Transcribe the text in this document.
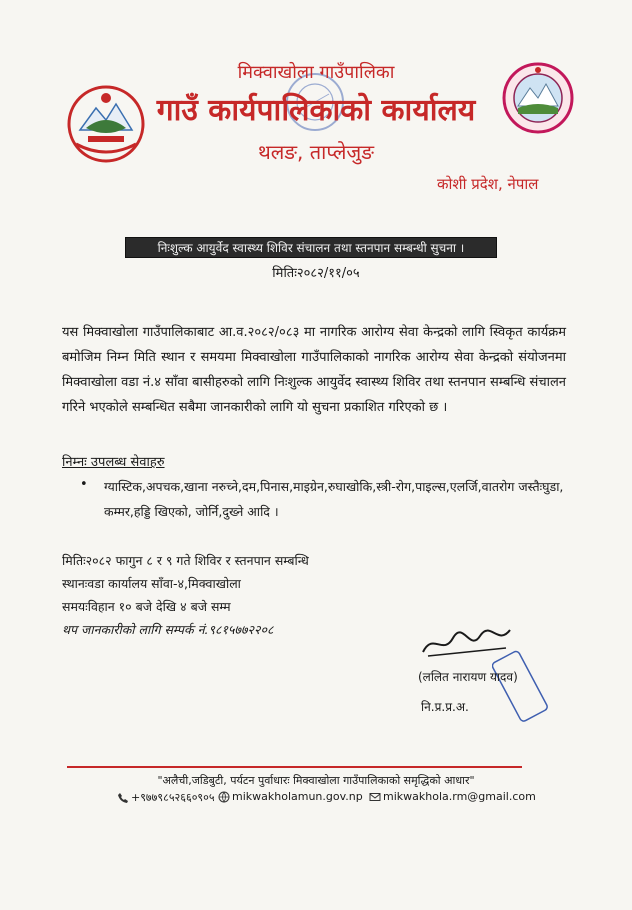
मिक्वाखोला गाउँपालिका
गाउँ कार्यपालिकाको कार्यालय
थलङ, ताप्लेजुङ
कोशी प्रदेश, नेपाल
निःशुल्क आयुर्वेद स्वास्थ्य शिविर संचालन तथा स्तनपान सम्बन्धी सुचना ।
मितिः२०८२/११/०५
यस मिक्वाखोला गाउँपालिकाबाट आ.व.२०८२/०८३ मा नागरिक आरोग्य सेवा केन्द्रको लागि स्विकृत कार्यक्रम बमोजिम निम्न मिति स्थान र समयमा मिक्वाखोला गाउँपालिकाको नागरिक आरोग्य सेवा केन्द्रको संयोजनमा मिक्वाखोला वडा नं.४ साँवा बासीहरुको लागि निःशुल्क आयुर्वेद स्वास्थ्य शिविर तथा स्तनपान सम्बन्धि संचालन गरिने भएकोले सम्बन्धित सबैमा जानकारीको लागि यो सुचना प्रकाशित गरिएको छ ।
निम्नः उपलब्ध सेवाहरु
• ग्यास्टिक,अपचक,खाना नरुच्ने,दम,पिनास,माइग्रेन,रुघाखोकि,स्त्री-रोग,पाइल्स,एलर्जि,वातरोग जस्तैःघुडा, कम्मर,हड्डि खिएको, जोर्नि,दुख्ने आदि ।
मितिः२०८२ फागुन ८ र ९ गते शिविर र स्तनपान सम्बन्धि
स्थानःवडा कार्यालय साँवा-४,मिक्वाखोला
समयःविहान १० बजे देखि ४ बजे सम्म
थप जानकारीको लागि सम्पर्क नं.९८१५७७२२०८
(ललित नारायण यादव)
नि.प्र.प्र.अ.
"अलैची,जडिबुटी, पर्यटन पुर्वाधारः मिक्वाखोला गाउँपालिकाको समृद्धिको आधार"
+९७७९८५२६६०९०५	mikwakholamun.gov.np	mikwakhola.rm@gmail.com
